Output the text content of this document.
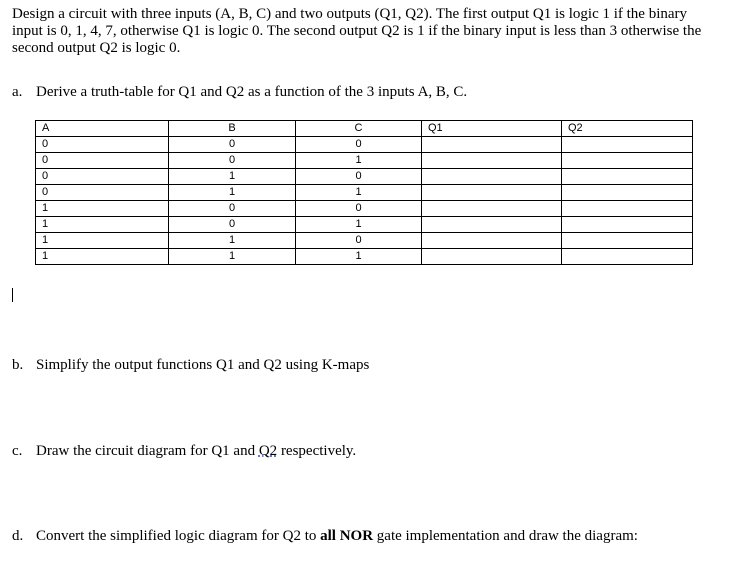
Design a circuit with three inputs (A, B, C) and two outputs (Q1, Q2). The first output Q1 is logic 1 if the binary input is 0, 1, 4, 7, otherwise Q1 is logic 0. The second output Q2 is 1 if the binary input is less than 3 otherwise the second output Q2 is logic 0.

a. Derive a truth-table for Q1 and Q2 as a function of the 3 inputs A, B, C.

A	B	C	Q1	Q2
0	0	0		
0	0	1		
0	1	0		
0	1	1		
1	0	0		
1	0	1		
1	1	0		
1	1	1		

b. Simplify the output functions Q1 and Q2 using K-maps

c. Draw the circuit diagram for Q1 and Q2 respectively.

d. Convert the simplified logic diagram for Q2 to all NOR gate implementation and draw the diagram:
